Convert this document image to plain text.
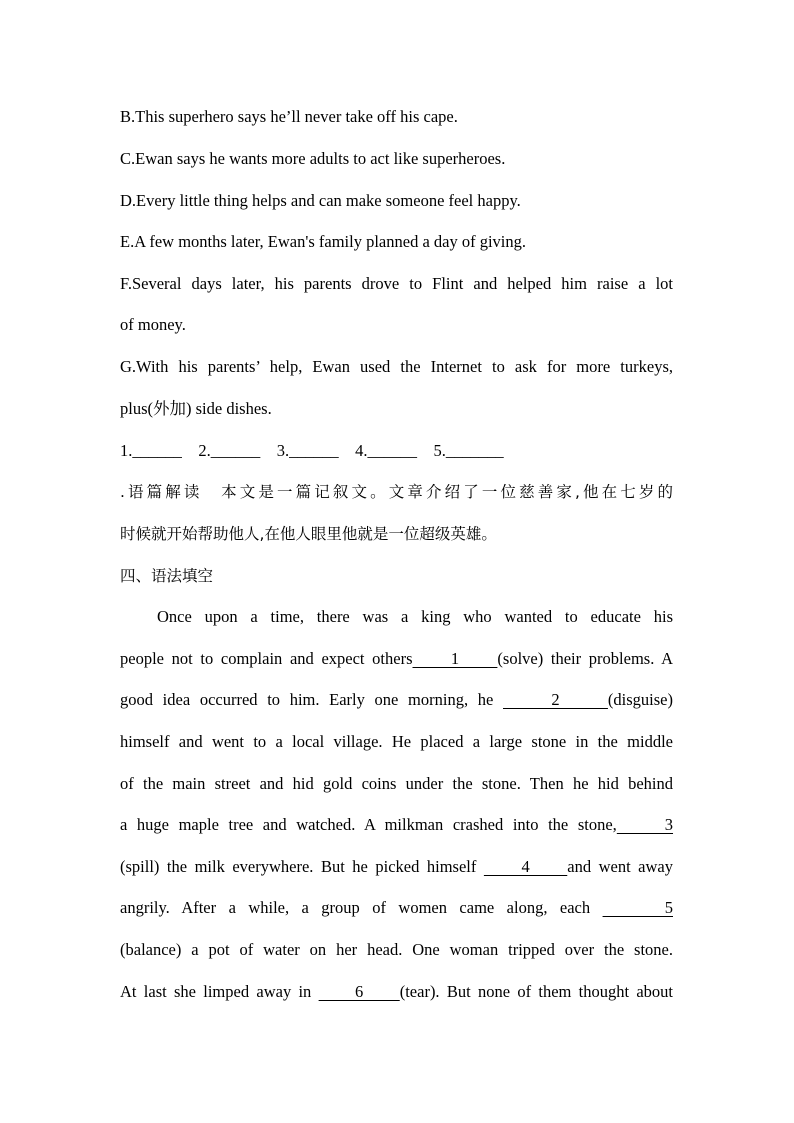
B.This superhero says he’ll never take off his cape.
C.Ewan says he wants more adults to act like superheroes.
D.Every little thing helps and can make someone feel happy.
E.A few months later, Ewan's family planned a day of giving.
F.Several days later, his parents drove to Flint and helped him raise a lot
of money.
G.With his parents’ help, Ewan used the Internet to ask for more turkeys,
plus(外加) side dishes.
1.______    2.______    3.______    4.______    5._______
.语篇解读　本文是一篇记叙文。文章介绍了一位慈善家,他在七岁的
时候就开始帮助他人,在他人眼里他就是一位超级英雄。
四、语法填空
Once upon a time, there was a king who wanted to educate his
people not to complain and expect others     1     (solve) their problems. A
good idea occurred to him. Early one morning, he      2     (disguise)
himself and went to a local village. He placed a large stone in the middle
of the main street and hid gold coins under the stone. Then he hid behind
a huge maple tree and watched. A milkman crashed into the stone,     3
(spill) the milk everywhere. But he picked himself      4     and went away
angrily. After a while, a group of women came along, each      5
(balance) a pot of water on her head. One woman tripped over the stone.
At last she limped away in      6     (tear). But none of them thought about
